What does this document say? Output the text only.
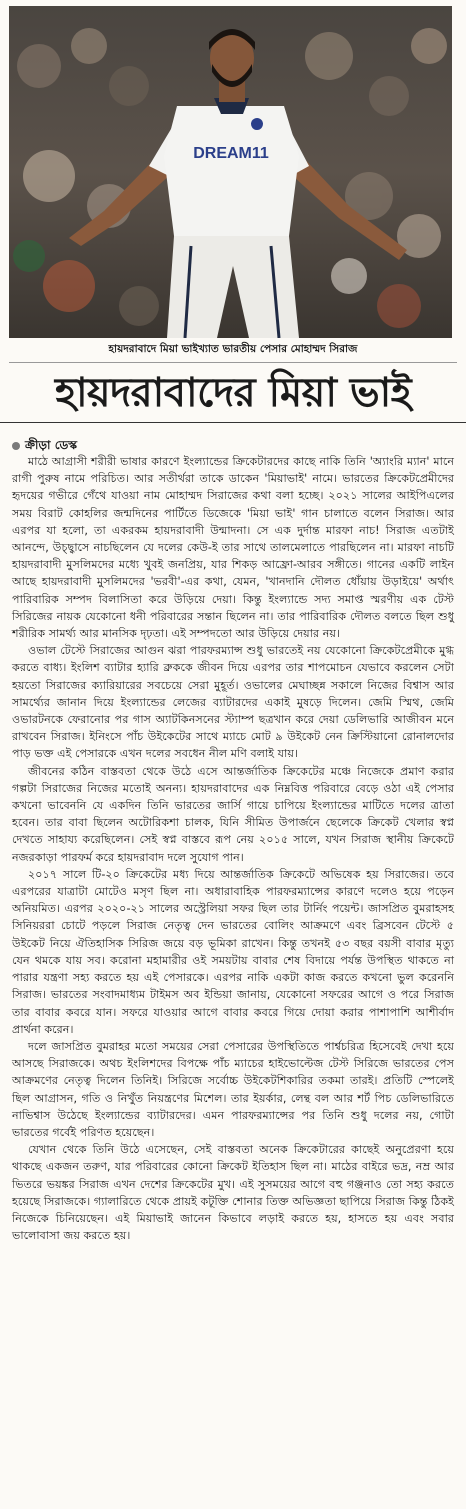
DREAM11
হায়দরাবাদে মিয়া ভাইখ্যাত ভারতীয় পেসার মোহাম্মদ সিরাজ
হায়দরাবাদের মিয়া ভাই
ক্রীড়া ডেস্ক

মাঠে আগ্রাসী শরীরী ভাষার কারণে ইংল্যান্ডের ক্রিকেটারদের কাছে নাকি তিনি 'অ্যাংরি ম্যান' মানে রাগী পুরুষ নামে পরিচিত। আর সতীর্থরা তাকে ডাকেন 'মিয়াভাই' নামে। ভারতের ক্রিকেটপ্রেমীদের হৃদয়ের গভীরে গেঁথে যাওয়া নাম মোহাম্মদ সিরাজের কথা বলা হচ্ছে। ২০২১ সালের আইপিএলের সময় বিরাট কোহলির জন্মদিনের পার্টিতে ডিজেকে 'মিয়া ভাই' গান চালাতে বলেন সিরাজ। আর এরপর যা হলো, তা একরকম হায়দরাবাদী উন্মাদনা। সে এক দুর্দান্ত মারফা নাচ! সিরাজ এতটাই আনন্দে, উচ্ছ্বাসে নাচছিলেন যে দলের কেউ-ই তার সাথে তালমেলাতে পারছিলেন না। মারফা নাচটি হায়দরাবাদী মুসলিমদের মধ্যে খুবই জনপ্রিয়, যার শিকড় আফ্রো-আরব সঙ্গীতে। গানের একটি লাইন আছে হায়দরাবাদী মুসলিমদের 'ভরবী'-এর কথা, যেমন, 'খানদানি দৌলত ধোঁয়ায় উড়াইয়ে' অর্থাৎ পারিবারিক সম্পদ বিলাসিতা করে উড়িয়ে দেয়া। কিন্তু ইংল্যান্ডে সদ্য সমাপ্ত স্মরণীয় এক টেস্ট সিরিজের নায়ক যেকোনো ধনী পরিবারের সন্তান ছিলেন না। তার পারিবারিক দৌলত বলতে ছিল শুধু শরীরিক সামর্থ্য আর মানসিক দৃঢ়তা। এই সম্পদতো আর উড়িয়ে দেয়ার নয়।

ওভাল টেস্টে সিরাজের আগুন ঝরা পারফরম্যান্স শুধু ভারতেই নয় যেকোনো ক্রিকেটপ্রেমীকে মুগ্ধ করতে বাধ্য। ইংলিশ ব্যাটার হ্যারি ব্রুককে জীবন দিয়ে এরপর তার শাপমোচন যেভাবে করলেন সেটা হয়তো সিরাজের ক্যারিয়ারের সবচেয়ে সেরা মুহূর্ত। ওভালের মেঘাচ্ছন্ন সকালে নিজের বিশ্বাস আর সামর্থ্যের জানান দিয়ে ইংল্যান্ডের লেজের ব্যাটারদের একাই মুষড়ে দিলেন। জেমি স্মিথ, জেমি ওভারটনকে ফেরানোর পর গাস অ্যাটকিনসনের স্ট্যাম্প ছত্রখান করে দেয়া ডেলিভারি আজীবন মনে রাখবেন সিরাজ। ইনিংসে পাঁচ উইকেটের সাথে ম্যাচে মোট ৯ উইকেট নেন ক্রিস্টিয়ানো রোনালদোর পাড় ভক্ত এই পেসারকে এখন দলের সবধেন নীল মণি বলাই যায়।

জীবনের কঠিন বাস্তবতা থেকে উঠে এসে আন্তর্জাতিক ক্রিকেটের মঞ্চে নিজেকে প্রমাণ করার গল্পটা সিরাজের নিজের মতোই অনন্য। হায়দরাবাদের এক নিম্নবিত্ত পরিবারে বেড়ে ওঠা এই পেসার কখনো ভাবেননি যে একদিন তিনি ভারতের জার্সি গায়ে চাপিয়ে ইংল্যান্ডের মাটিতে দলের ত্রাতা হবেন। তার বাবা ছিলেন অটোরিকশা চালক, যিনি সীমিত উপার্জনে ছেলেকে ক্রিকেট খেলার স্বপ্ন দেখতে সাহায্য করেছিলেন। সেই স্বপ্ন বাস্তবে রূপ নেয় ২০১৫ সালে, যখন সিরাজ স্থানীয় ক্রিকেটে নজরকাড়া পারফর্ম করে হায়দরাবাদ দলে সুযোগ পান।

২০১৭ সালে টি-২০ ক্রিকেটের মধ্য দিয়ে আন্তর্জাতিক ক্রিকেটে অভিষেক হয় সিরাজের। তবে এরপরের যাত্রাটা মোটেও মসৃণ ছিল না। অধারাবাহিক পারফরম্যান্সের কারণে দলেও হয়ে পড়েন অনিয়মিত। এরপর ২০২০-২১ সালের অস্ট্রেলিয়া সফর ছিল তার টার্নিং পয়েন্ট। জাসপ্রিত বুমরাহসহ সিনিয়ররা চোটে পড়লে সিরাজ নেতৃত্ব দেন ভারতের বোলিং আক্রমণে এবং ব্রিসবেন টেস্টে ৫ উইকেট নিয়ে ঐতিহাসিক সিরিজ জয়ে বড় ভূমিকা রাখেন। কিন্তু তখনই ৫৩ বছর বয়সী বাবার মৃত্যু যেন থমকে যায় সব। করোনা মহামারীর ওই সময়টায় বাবার শেষ বিদায়ে পর্যন্ত উপস্থিত থাকতে না পারার যন্ত্রণা সহ্য করতে হয় এই পেসারকে। এরপর নাকি একটা কাজ করতে কখনো ভুল করেননি সিরাজ। ভারতের সংবাদমাধ্যম টাইমস অব ইন্ডিয়া জানায়, যেকোনো সফরের আগে ও পরে সিরাজ তার বাবার কবরে যান। সফরে যাওয়ার আগে বাবার কবরে গিয়ে দোয়া করার পাশাপাশি আশীর্বাদ প্রার্থনা করেন।

দলে জাসপ্রিত বুমরাহর মতো সময়ের সেরা পেসারের উপস্থিতিতে পার্শ্বচরিত্র হিসেবেই দেখা হয়ে আসছে সিরাজকে। অথচ ইংলিশদের বিপক্ষে পাঁচ ম্যাচের হাইভোল্টেজ টেস্ট সিরিজে ভারতের পেস আক্রমণের নেতৃত্ব দিলেন তিনিই। সিরিজে সর্বোচ্চ উইকেটশিকারির তকমা তারই। প্রতিটি স্পেলেই ছিল আগ্রাসন, গতি ও নিখুঁত নিয়ন্ত্রণের মিশেল। তার ইয়র্কার, লেন্থ বল আর শর্ট পিচ ডেলিভারিতে নাভিশ্বাস উঠেছে ইংল্যান্ডের ব্যাটারদের। এমন পারফরম্যান্সের পর তিনি শুধু দলের নয়, গোটা ভারতের গর্বেই পরিণত হয়েছেন।

যেখান থেকে তিনি উঠে এসেছেন, সেই বাস্তবতা অনেক ক্রিকেটারের কাছেই অনুপ্রেরণা হয়ে থাকছে একজন তরুণ, যার পরিবারের কোনো ক্রিকেট ইতিহাস ছিল না। মাঠের বাইরে ভদ্র, নম্র আর ভিতরে ভয়ঙ্কর সিরাজ এখন দেশের ক্রিকেটের মুখ। এই সুসময়ের আগে বহু গঞ্জনাও তো সহ্য করতে হয়েছে সিরাজকে। গ্যালারিতে থেকে প্রায়ই কটূক্তি শোনার তিক্ত অভিজ্ঞতা ছাপিয়ে সিরাজ কিন্তু ঠিকই নিজেকে চিনিয়েছেন। এই মিয়াভাই জানেন কিভাবে লড়াই করতে হয়, হাসতে হয় এবং সবার ভালোবাসা জয় করতে হয়।
